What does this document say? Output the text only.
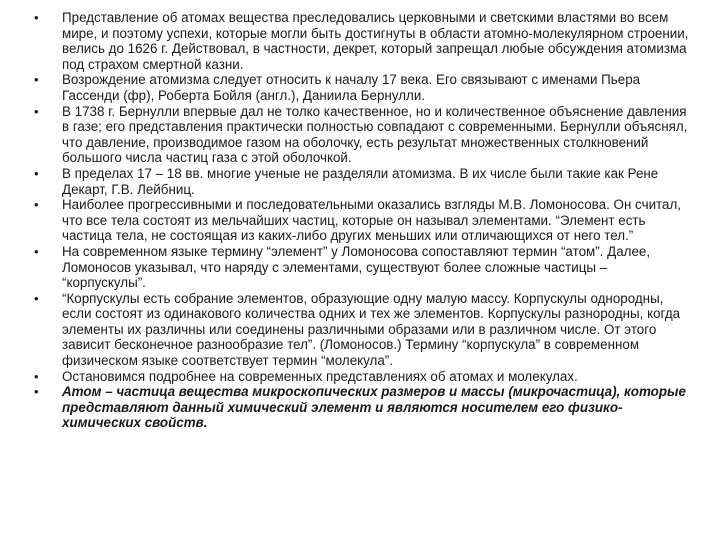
•	Представление об атомах вещества преследовались церковными и светскими властями во всем мире, и поэтому успехи, которые могли быть достигнуты в области атомно-молекулярном строении, велись до 1626 г. Действовал, в частности, декрет, который запрещал любые обсуждения атомизма под страхом смертной казни.
•	Возрождение атомизма следует относить к началу 17 века. Его связывают с именами Пьера Гассенди (фр), Роберта Бойля (англ.), Даниила Бернулли.
•	В 1738 г. Бернулли впервые дал не толко качественное, но и количественное объяснение давления в газе; его представления практически полностью совпадают с современными. Бернулли объяснял, что давление, производимое газом на оболочку, есть результат множественных столкновений большого числа частиц газа с этой оболочкой.
•	В пределах 17 – 18 вв. многие ученые не разделяли атомизма. В их числе были такие как Рене Декарт, Г.В. Лейбниц.
•	Наиболее прогрессивными и последовательными оказались взгляды М.В. Ломоносова. Он считал, что все тела состоят из мельчайших частиц, которые он называл элементами. “Элемент есть частица тела, не состоящая из каких-либо других меньших или отличающихся от него тел.”
•	На современном языке термину “элемент” у Ломоносова сопоставляют термин “атом”. Далее, Ломоносов указывал, что наряду с элементами, существуют более сложные частицы – “корпускулы”.
•	“Корпускулы есть собрание элементов, образующие одну малую массу. Корпускулы однородны, если состоят из одинакового количества одних и тех же элементов. Корпускулы разнородны, когда элементы их различны или соединены различными образами или в различном числе. От этого зависит бесконечное разнообразие тел”. (Ломоносов.) Термину “корпускула” в современном физическом языке соответствует термин “молекула”.
•	Остановимся подробнее на современных представлениях об атомах и молекулах.
•	Атом – частица вещества микроскопических размеров и массы (микрочастица), которые представляют данный химический элемент и являются носителем его физико-химических свойств.
